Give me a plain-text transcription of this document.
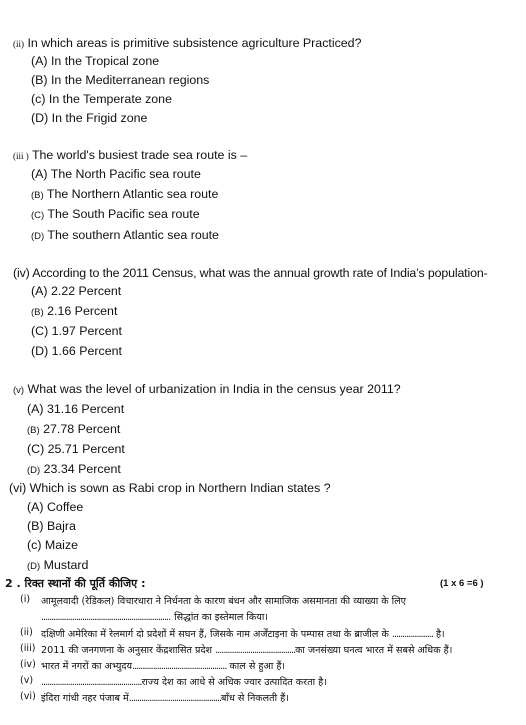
(ii) In which areas is primitive subsistence agriculture Practiced?
(A) In the Tropical zone
(B) In the Mediterranean regions
(c) In the Temperate zone
(D) In the Frigid zone
(iii ) The world's busiest trade sea route is –
(A) The North Pacific sea route
(B) The Northern Atlantic sea route
(C) The South Pacific sea route
(D) The southern Atlantic sea route
(iv) According to the 2011 Census, what was the annual growth rate of India’s population-
(A) 2.22 Percent
(B) 2.16 Percent
(C) 1.97 Percent
(D) 1.66 Percent
(v) What was the level of urbanization in India in the census year 2011?
(A) 31.16 Percent
(B) 27.78 Percent
(C) 25.71 Percent
(D) 23.34 Percent
(vi) Which is sown as Rabi crop in Northern Indian states ?
(A) Coffee
(B) Bajra
(c) Maize
(D) Mustard
2 . रिक्त स्थानों की पूर्ति कीजिए :	(1 x 6 =6 )
(i) आमूलवादी (रेडिकल) विचारधारा ने निर्धनता के कारण बंधन और सामाजिक असमानता की व्याख्या के लिए
............................................................... सिद्धांत का इस्तेमाल किया।
(ii) दक्षिणी अमेरिका में रेलमार्ग दो प्रदेशों में सघन हैं, जिसके नाम अर्जेंटाइना के पम्पास तथा के ब्राजील के .................... है।
(iii) 2011 की जनगणना के अनुसार केंद्रशासित प्रदेश .......................................का जनसंख्या घनत्व भारत में सबसे अधिक हैं।
(iv) भारत में नगरों का अभ्युदय.............................................. काल से हुआ हैं।
(v) .................................................राज्य देश का आधे से अधिक ज्वार उत्पादित करता है।
(vi) इंदिरा गांधी नहर पंजाब में.............................................बाँध से निकलती हैं।
